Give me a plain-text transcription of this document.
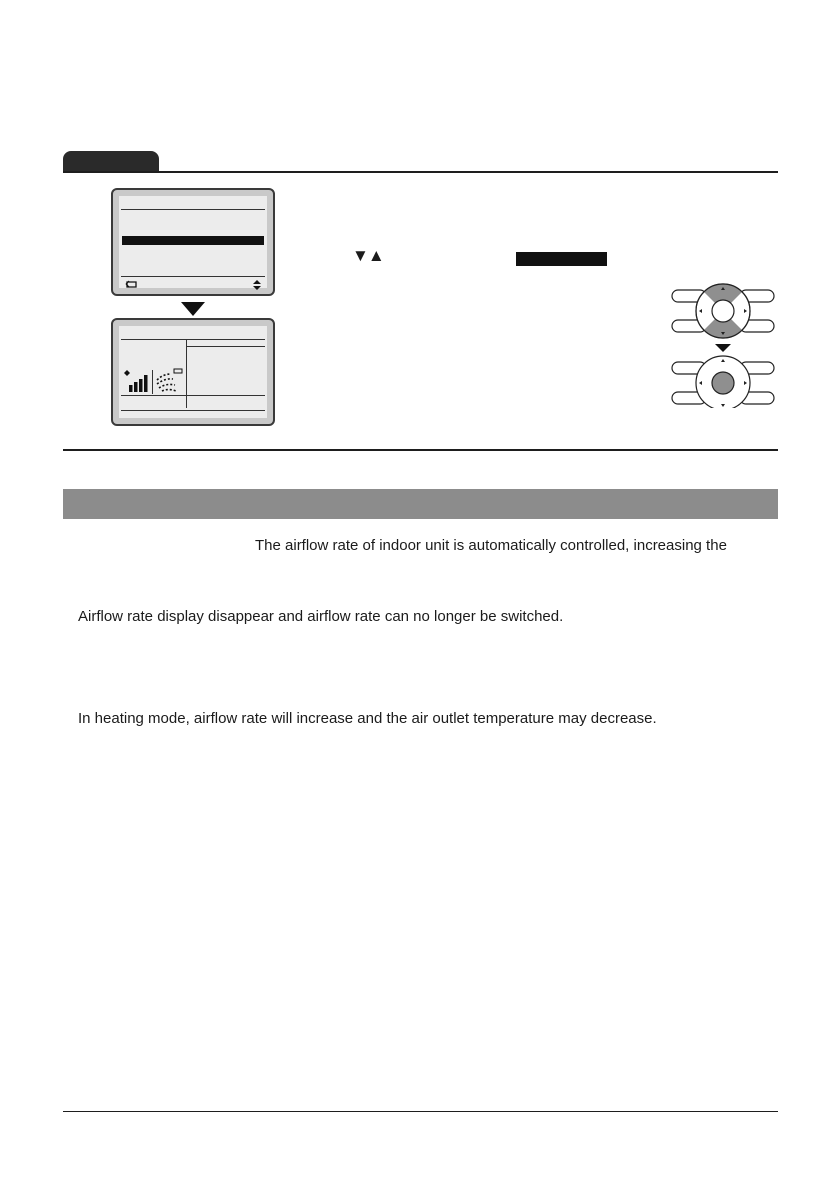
▼▲
The airflow rate of indoor unit is automatically controlled, increasing the
Airflow rate display disappear and airflow rate can no longer be switched.
In heating mode, airflow rate will increase and the air outlet temperature may decrease.
